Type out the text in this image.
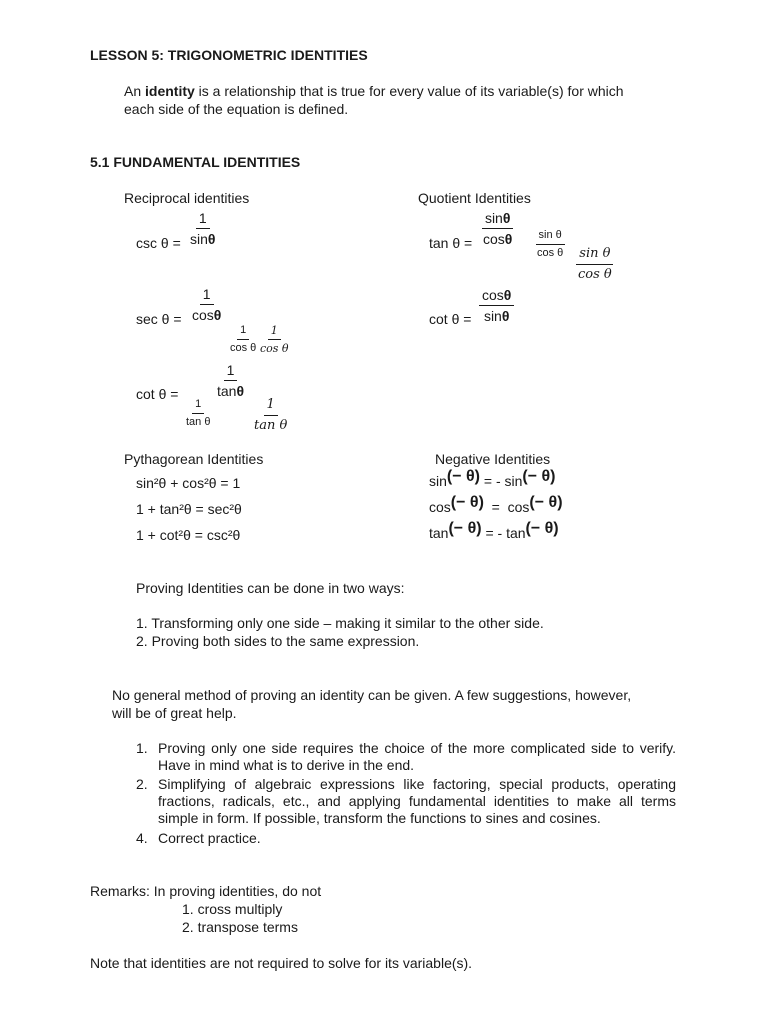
LESSON 5: TRIGONOMETRIC IDENTITIES
An identity is a relationship that is true for every value of its variable(s) for which
each side of the equation is defined.
5.1 FUNDAMENTAL IDENTITIES
Reciprocal identities
$\csc \theta = \frac{1}{\sin\theta}$
$\sec \theta = \frac{1}{\cos\theta}$
$\frac{1}{\text{cos θ}}$
$\frac{1}{\text{cos θ}}$
cot θ =	$\frac{1}{\tan\theta}$
$\frac{1}{\text{tan θ}}$	$\frac{1}{\text{tan θ}}$
Quotient Identities
$\tan \theta = \frac{\sin\theta}{\cos\theta} \frac{\text{sin θ}}{\text{cos θ}}$
$\frac{\text{sin θ}}{\text{cos θ}}$
$\cot \theta = \frac{\cos\theta}{\sin\theta}$
Pythagorean Identities
sin²θ + cos²θ = 1
1 + tan²θ = sec²θ
1 + cot²θ = csc²θ
Negative Identities
sin(− θ) = - sin(− θ)
cos(− θ)  =  cos(− θ)
tan(− θ) = - tan(− θ)
Proving Identities can be done in two ways:
1. Transforming only one side – making it similar to the other side.
2. Proving both sides to the same expression.
No general method of proving an identity can be given. A few suggestions, however,
will be of great help.
1. Proving only one side requires the choice of the more complicated side to verify. Have in mind what is to derive in the end.
2. Simplifying of algebraic expressions like factoring, special products, operating fractions, radicals, etc., and applying fundamental identities to make all terms simple in form. If possible, transform the functions to sines and cosines.
4. Correct practice.
Remarks: In proving identities, do not
1. cross multiply
2. transpose terms
Note that identities are not required to solve for its variable(s).
